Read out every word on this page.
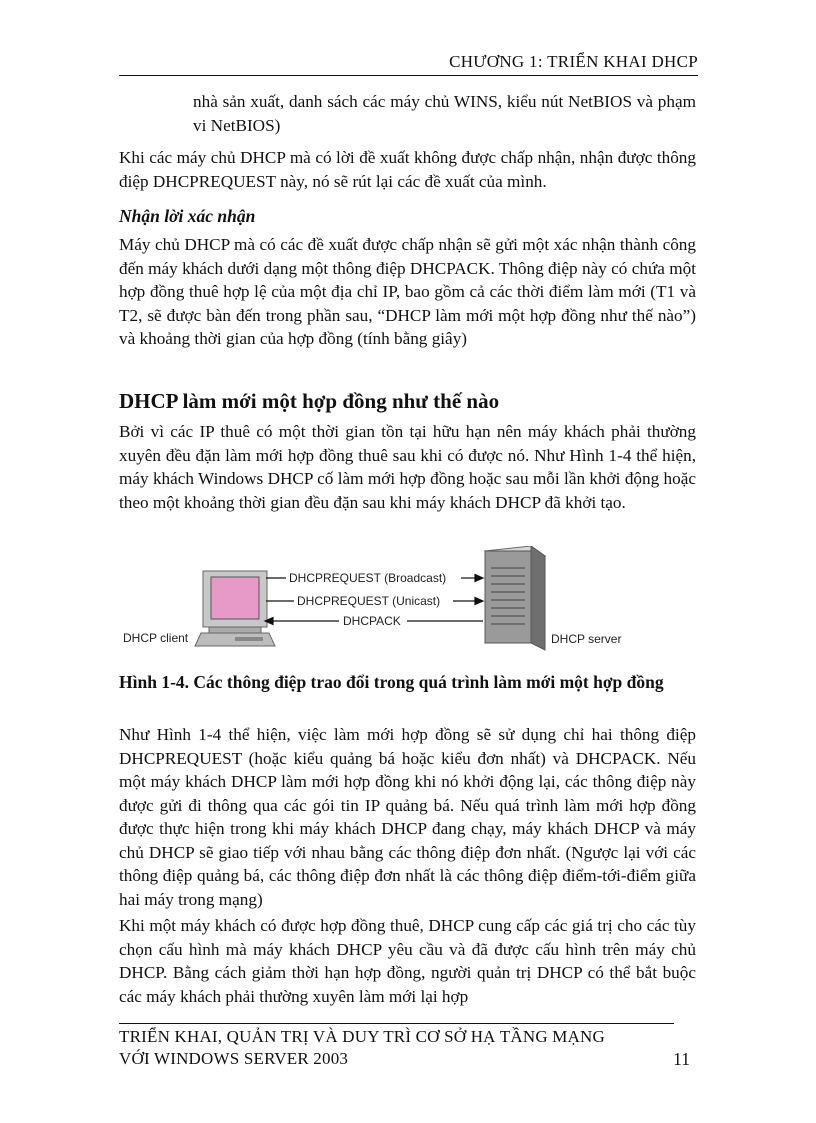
CHƯƠNG 1: TRIỂN KHAI DHCP
nhà sản xuất, danh sách các máy chủ WINS, kiểu nút NetBIOS và phạm vi NetBIOS)
Khi các máy chủ DHCP mà có lời đề xuất không được chấp nhận, nhận được thông điệp DHCPREQUEST này, nó sẽ rút lại các đề xuất của mình.
Nhận lời xác nhận
Máy chủ DHCP mà có các đề xuất được chấp nhận sẽ gửi một xác nhận thành công đến máy khách dưới dạng một thông điệp DHCPACK. Thông điệp này có chứa một hợp đồng thuê hợp lệ của một địa chỉ IP, bao gồm cả các thời điểm làm mới (T1 và T2, sẽ được bàn đến trong phần sau, “DHCP làm mới một hợp đồng như thế nào”) và khoảng thời gian của hợp đồng (tính bằng giây)
DHCP làm mới một hợp đồng như thế nào
Bởi vì các IP thuê có một thời gian tồn tại hữu hạn nên máy khách phải thường xuyên đều đặn làm mới hợp đồng thuê sau khi có được nó. Như Hình 1-4 thể hiện, máy khách Windows DHCP cố làm mới hợp đồng hoặc sau mỗi lần khởi động hoặc theo một khoảng thời gian đều đặn sau khi máy khách DHCP đã khởi tạo.
DHCPREQUEST (Broadcast)
DHCPREQUEST (Unicast)
DHCPACK
DHCP client	DHCP server
Hình 1-4. Các thông điệp trao đổi trong quá trình làm mới một hợp đồng
Như Hình 1-4 thể hiện, việc làm mới hợp đồng sẽ sử dụng chỉ hai thông điệp DHCPREQUEST (hoặc kiểu quảng bá hoặc kiểu đơn nhất) và DHCPACK. Nếu một máy khách DHCP làm mới hợp đồng khi nó khởi động lại, các thông điệp này được gửi đi thông qua các gói tin IP quảng bá. Nếu quá trình làm mới hợp đồng được thực hiện trong khi máy khách DHCP đang chạy, máy khách DHCP và máy chủ DHCP sẽ giao tiếp với nhau bằng các thông điệp đơn nhất. (Ngược lại với các thông điệp quảng bá, các thông điệp đơn nhất là các thông điệp điểm-tới-điểm giữa hai máy trong mạng)
Khi một máy khách có được hợp đồng thuê, DHCP cung cấp các giá trị cho các tùy chọn cấu hình mà máy khách DHCP yêu cầu và đã được cấu hình trên máy chủ DHCP. Bằng cách giảm thời hạn hợp đồng, người quản trị DHCP có thể bắt buộc các máy khách phải thường xuyên làm mới lại hợp
TRIỂN KHAI, QUẢN TRỊ VÀ DUY TRÌ CƠ SỞ HẠ TẦNG MẠNG
VỚI WINDOWS SERVER 2003	11
